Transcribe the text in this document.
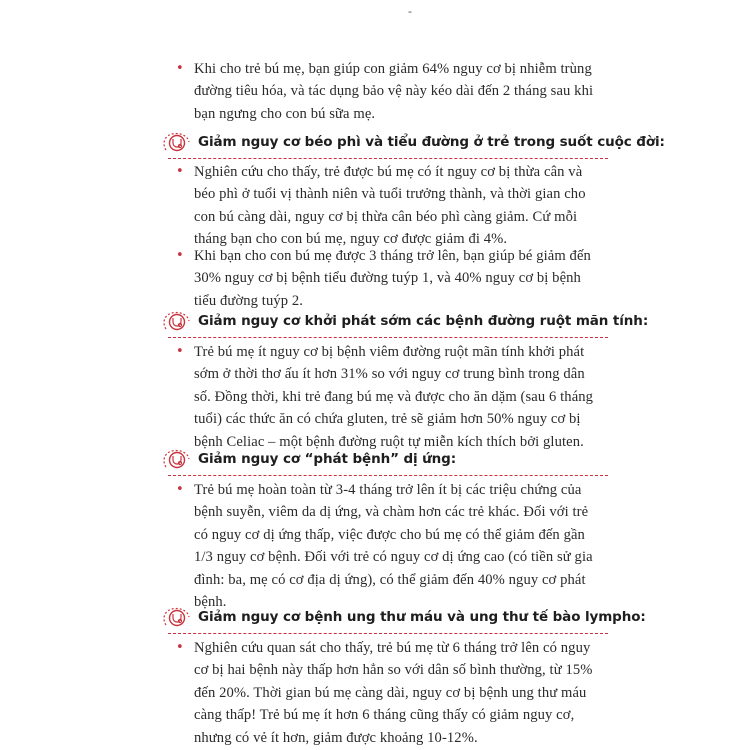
-
• Khi cho trẻ bú mẹ, bạn giúp con giảm 64% nguy cơ bị nhiễm trùng đường tiêu hóa, và tác dụng bảo vệ này kéo dài đến 2 tháng sau khi bạn ngưng cho con bú sữa mẹ.
Giảm nguy cơ béo phì và tiểu đường ở trẻ trong suốt cuộc đời:
• Nghiên cứu cho thấy, trẻ được bú mẹ có ít nguy cơ bị thừa cân và béo phì ở tuổi vị thành niên và tuổi trưởng thành, và thời gian cho con bú càng dài, nguy cơ bị thừa cân béo phì càng giảm. Cứ mỗi tháng bạn cho con bú mẹ, nguy cơ được giảm đi 4%.
• Khi bạn cho con bú mẹ được 3 tháng trở lên, bạn giúp bé giảm đến 30% nguy cơ bị bệnh tiểu đường tuýp 1, và 40% nguy cơ bị bệnh tiểu đường tuýp 2.
Giảm nguy cơ khởi phát sớm các bệnh đường ruột mãn tính:
• Trẻ bú mẹ ít nguy cơ bị bệnh viêm đường ruột mãn tính khởi phát sớm ở thời thơ ấu ít hơn 31% so với nguy cơ trung bình trong dân số. Đồng thời, khi trẻ đang bú mẹ và được cho ăn dặm (sau 6 tháng tuổi) các thức ăn có chứa gluten, trẻ sẽ giảm hơn 50% nguy cơ bị bệnh Celiac – một bệnh đường ruột tự miễn kích thích bởi gluten.
Giảm nguy cơ “phát bệnh” dị ứng:
• Trẻ bú mẹ hoàn toàn từ 3-4 tháng trở lên ít bị các triệu chứng của bệnh suyễn, viêm da dị ứng, và chàm hơn các trẻ khác. Đối với trẻ có nguy cơ dị ứng thấp, việc được cho bú mẹ có thể giảm đến gần 1/3 nguy cơ bệnh. Đối với trẻ có nguy cơ dị ứng cao (có tiền sử gia đình: ba, mẹ có cơ địa dị ứng), có thể giảm đến 40% nguy cơ phát bệnh.
Giảm nguy cơ bệnh ung thư máu và ung thư tế bào lympho:
• Nghiên cứu quan sát cho thấy, trẻ bú mẹ từ 6 tháng trở lên có nguy cơ bị hai bệnh này thấp hơn hẳn so với dân số bình thường, từ 15% đến 20%. Thời gian bú mẹ càng dài, nguy cơ bị bệnh ung thư máu càng thấp! Trẻ bú mẹ ít hơn 6 tháng cũng thấy có giảm nguy cơ, nhưng có vẻ ít hơn, giảm được khoảng 10-12%.
